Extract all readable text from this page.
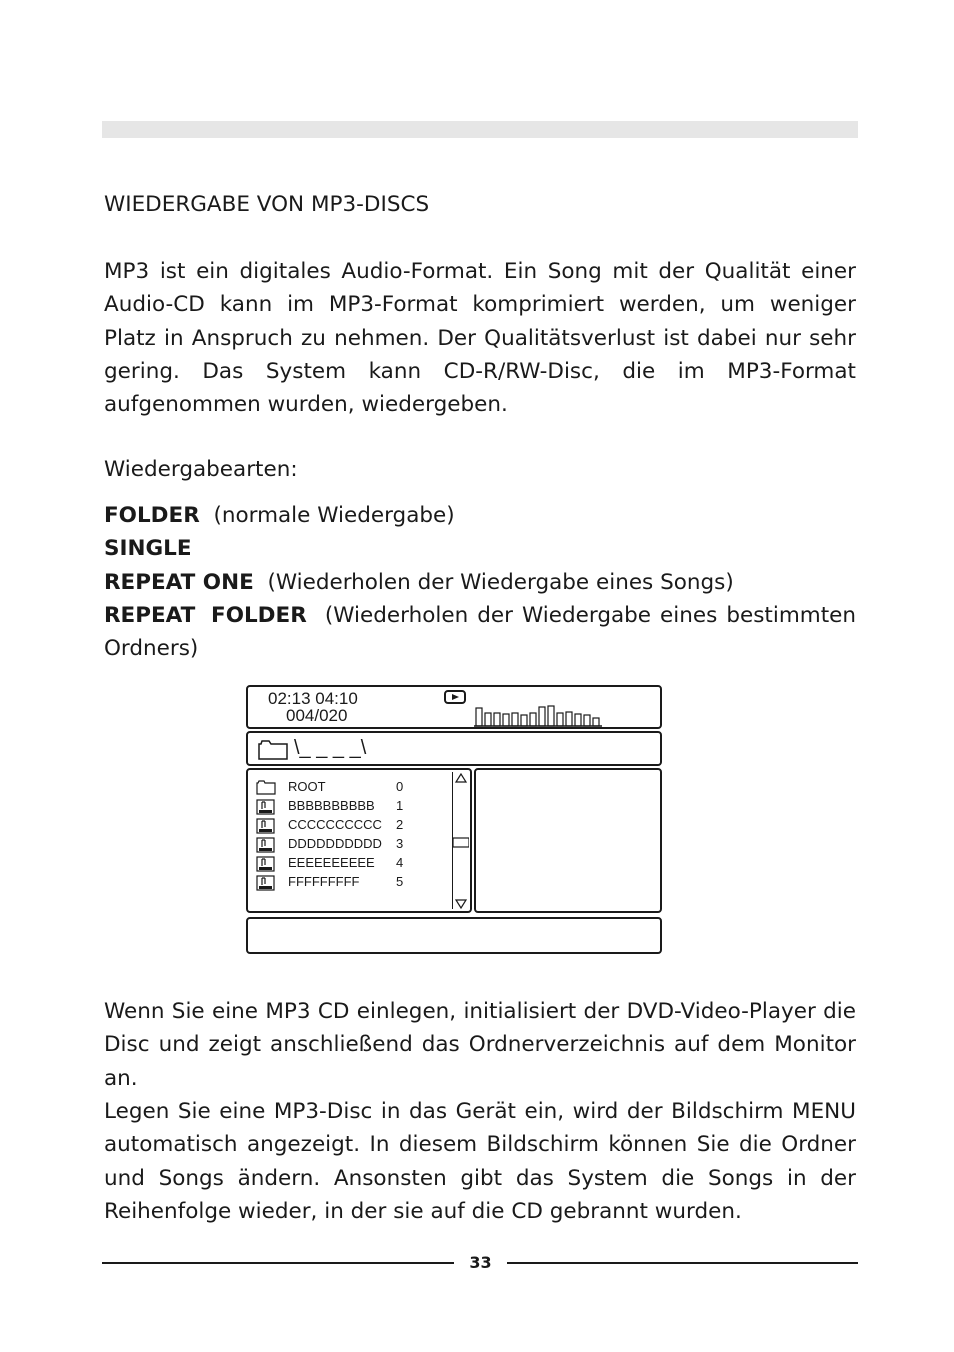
WIEDERGABE VON MP3-DISCS
MP3 ist ein digitales Audio-Format. Ein Song mit der Qualität einer Audio-CD kann im MP3-Format komprimiert werden, um weniger Platz in Anspruch zu nehmen. Der Qualitätsverlust ist dabei nur sehr gering. Das System kann CD-R/RW-Disc, die im MP3-Format aufgenommen wurden, wiedergeben.
Wiedergabearten:
FOLDER (normale Wiedergabe)
SINGLE
REPEAT ONE (Wiederholen der Wiedergabe eines Songs)
REPEAT FOLDER (Wiederholen der Wiedergabe eines bestimmten Ordners)
02:13 04:10
004/020
\_ _ _ _\
ROOT	0
BBBBBBBBBB 1
CCCCCCCCCC 2
DDDDDDDDDD 3
EEEEEEEEEE 4
FFFFFFFFF	5
Wenn Sie eine MP3 CD einlegen, initialisiert der DVD-Video-Player die Disc und zeigt anschließend das Ordnerverzeichnis auf dem Monitor an.
Legen Sie eine MP3-Disc in das Gerät ein, wird der Bildschirm MENU automatisch angezeigt. In diesem Bildschirm können Sie die Ordner und Songs ändern. Ansonsten gibt das System die Songs in der Reihenfolge wieder, in der sie auf die CD gebrannt wurden.
33
